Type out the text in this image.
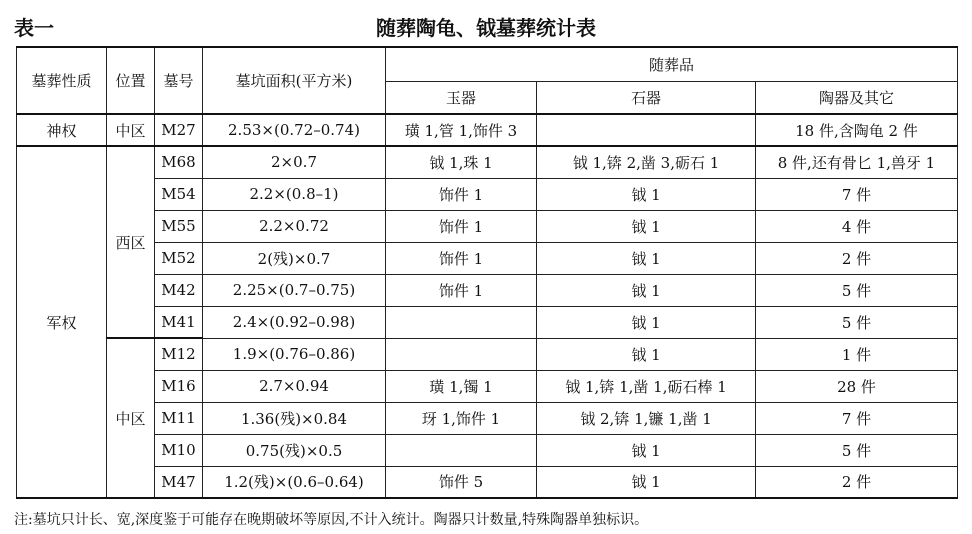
表一	随葬陶龟、钺墓葬统计表
墓葬性质	位置	墓号	墓坑面积(平方米)	随葬品		
				玉器	石器	陶器及其它
神权	中区	M27	2.53×(0.72–0.74)	璜 1,管 1,饰件 3		18 件,含陶龟 2 件
军权	西区	M68	2×0.7	钺 1,珠 1	钺 1,锛 2,凿 3,砺石 1	8 件,还有骨匕 1,兽牙 1
		M54	2.2×(0.8–1)	饰件 1	钺 1	7 件
		M55	2.2×0.72	饰件 1	钺 1	4 件
		M52	2(残)×0.7	饰件 1	钺 1	2 件
		M42	2.25×(0.7–0.75)	饰件 1	钺 1	5 件
		M41	2.4×(0.92–0.98)		钺 1	5 件
	中区	M12	1.9×(0.76–0.86)		钺 1	1 件
		M16	2.7×0.94	璜 1,镯 1	钺 1,锛 1,凿 1,砺石棒 1	28 件
		M11	1.36(残)×0.84	玡 1,饰件 1	钺 2,锛 1,镰 1,凿 1	7 件
		M10	0.75(残)×0.5		钺 1	5 件
		M47	1.2(残)×(0.6–0.64)	饰件 5	钺 1	2 件
注:墓坑只计长、宽,深度鉴于可能存在晚期破坏等原因,不计入统计。陶器只计数量,特殊陶器单独标识。
